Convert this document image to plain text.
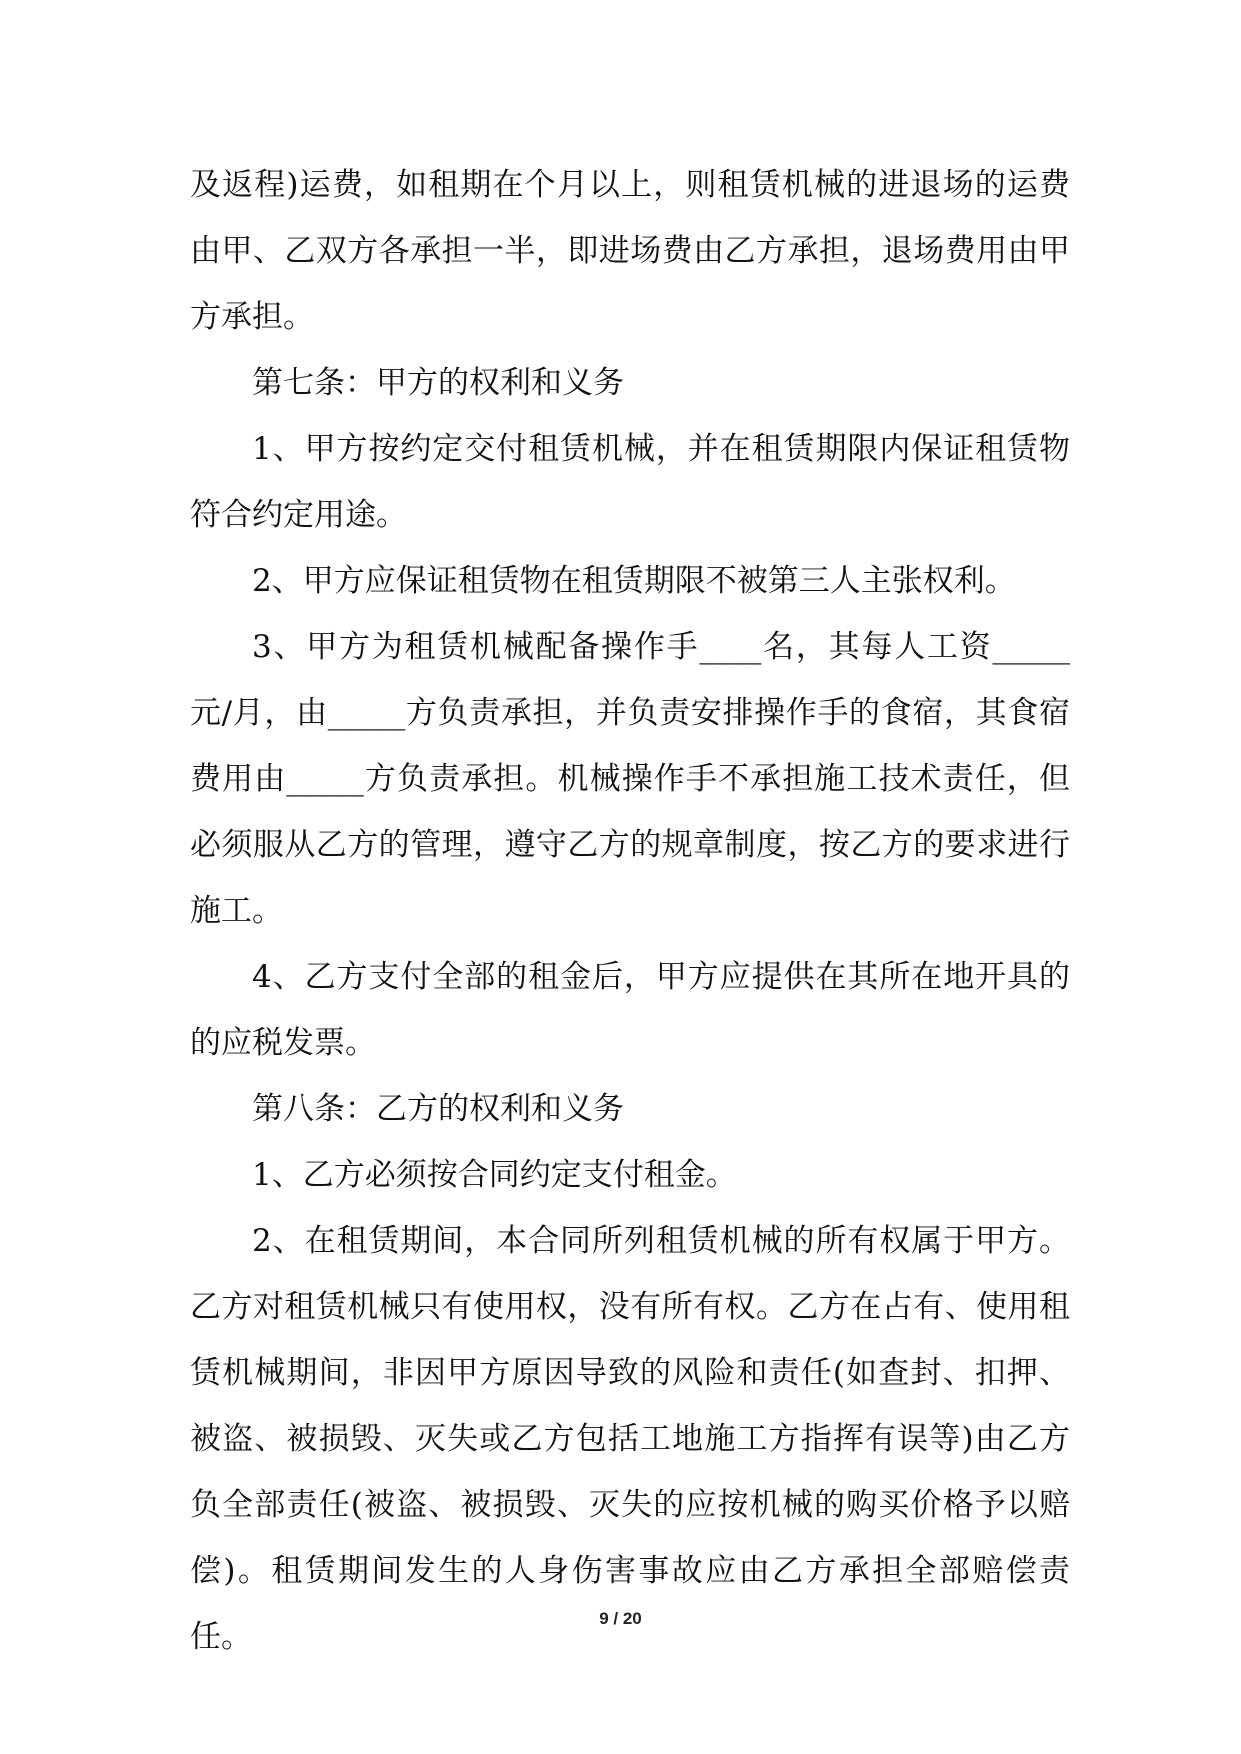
及返程)运费，如租期在个月以上，则租赁机械的进退场的运费由甲、乙双方各承担一半，即进场费由乙方承担，退场费用由甲方承担。

第七条：甲方的权利和义务

1、甲方按约定交付租赁机械，并在租赁期限内保证租赁物符合约定用途。

2、甲方应保证租赁物在租赁期限不被第三人主张权利。

3、甲方为租赁机械配备操作手____名，其每人工资_____元/月，由_____方负责承担，并负责安排操作手的食宿，其食宿费用由_____方负责承担。机械操作手不承担施工技术责任，但必须服从乙方的管理，遵守乙方的规章制度，按乙方的要求进行施工。

4、乙方支付全部的租金后，甲方应提供在其所在地开具的的应税发票。

第八条：乙方的权利和义务

1、乙方必须按合同约定支付租金。

2、在租赁期间，本合同所列租赁机械的所有权属于甲方。乙方对租赁机械只有使用权，没有所有权。乙方在占有、使用租赁机械期间，非因甲方原因导致的风险和责任(如查封、扣押、被盗、被损毁、灭失或乙方包括工地施工方指挥有误等)由乙方负全部责任(被盗、被损毁、灭失的应按机械的购买价格予以赔偿)。租赁期间发生的人身伤害事故应由乙方承担全部赔偿责任。

9 / 20
